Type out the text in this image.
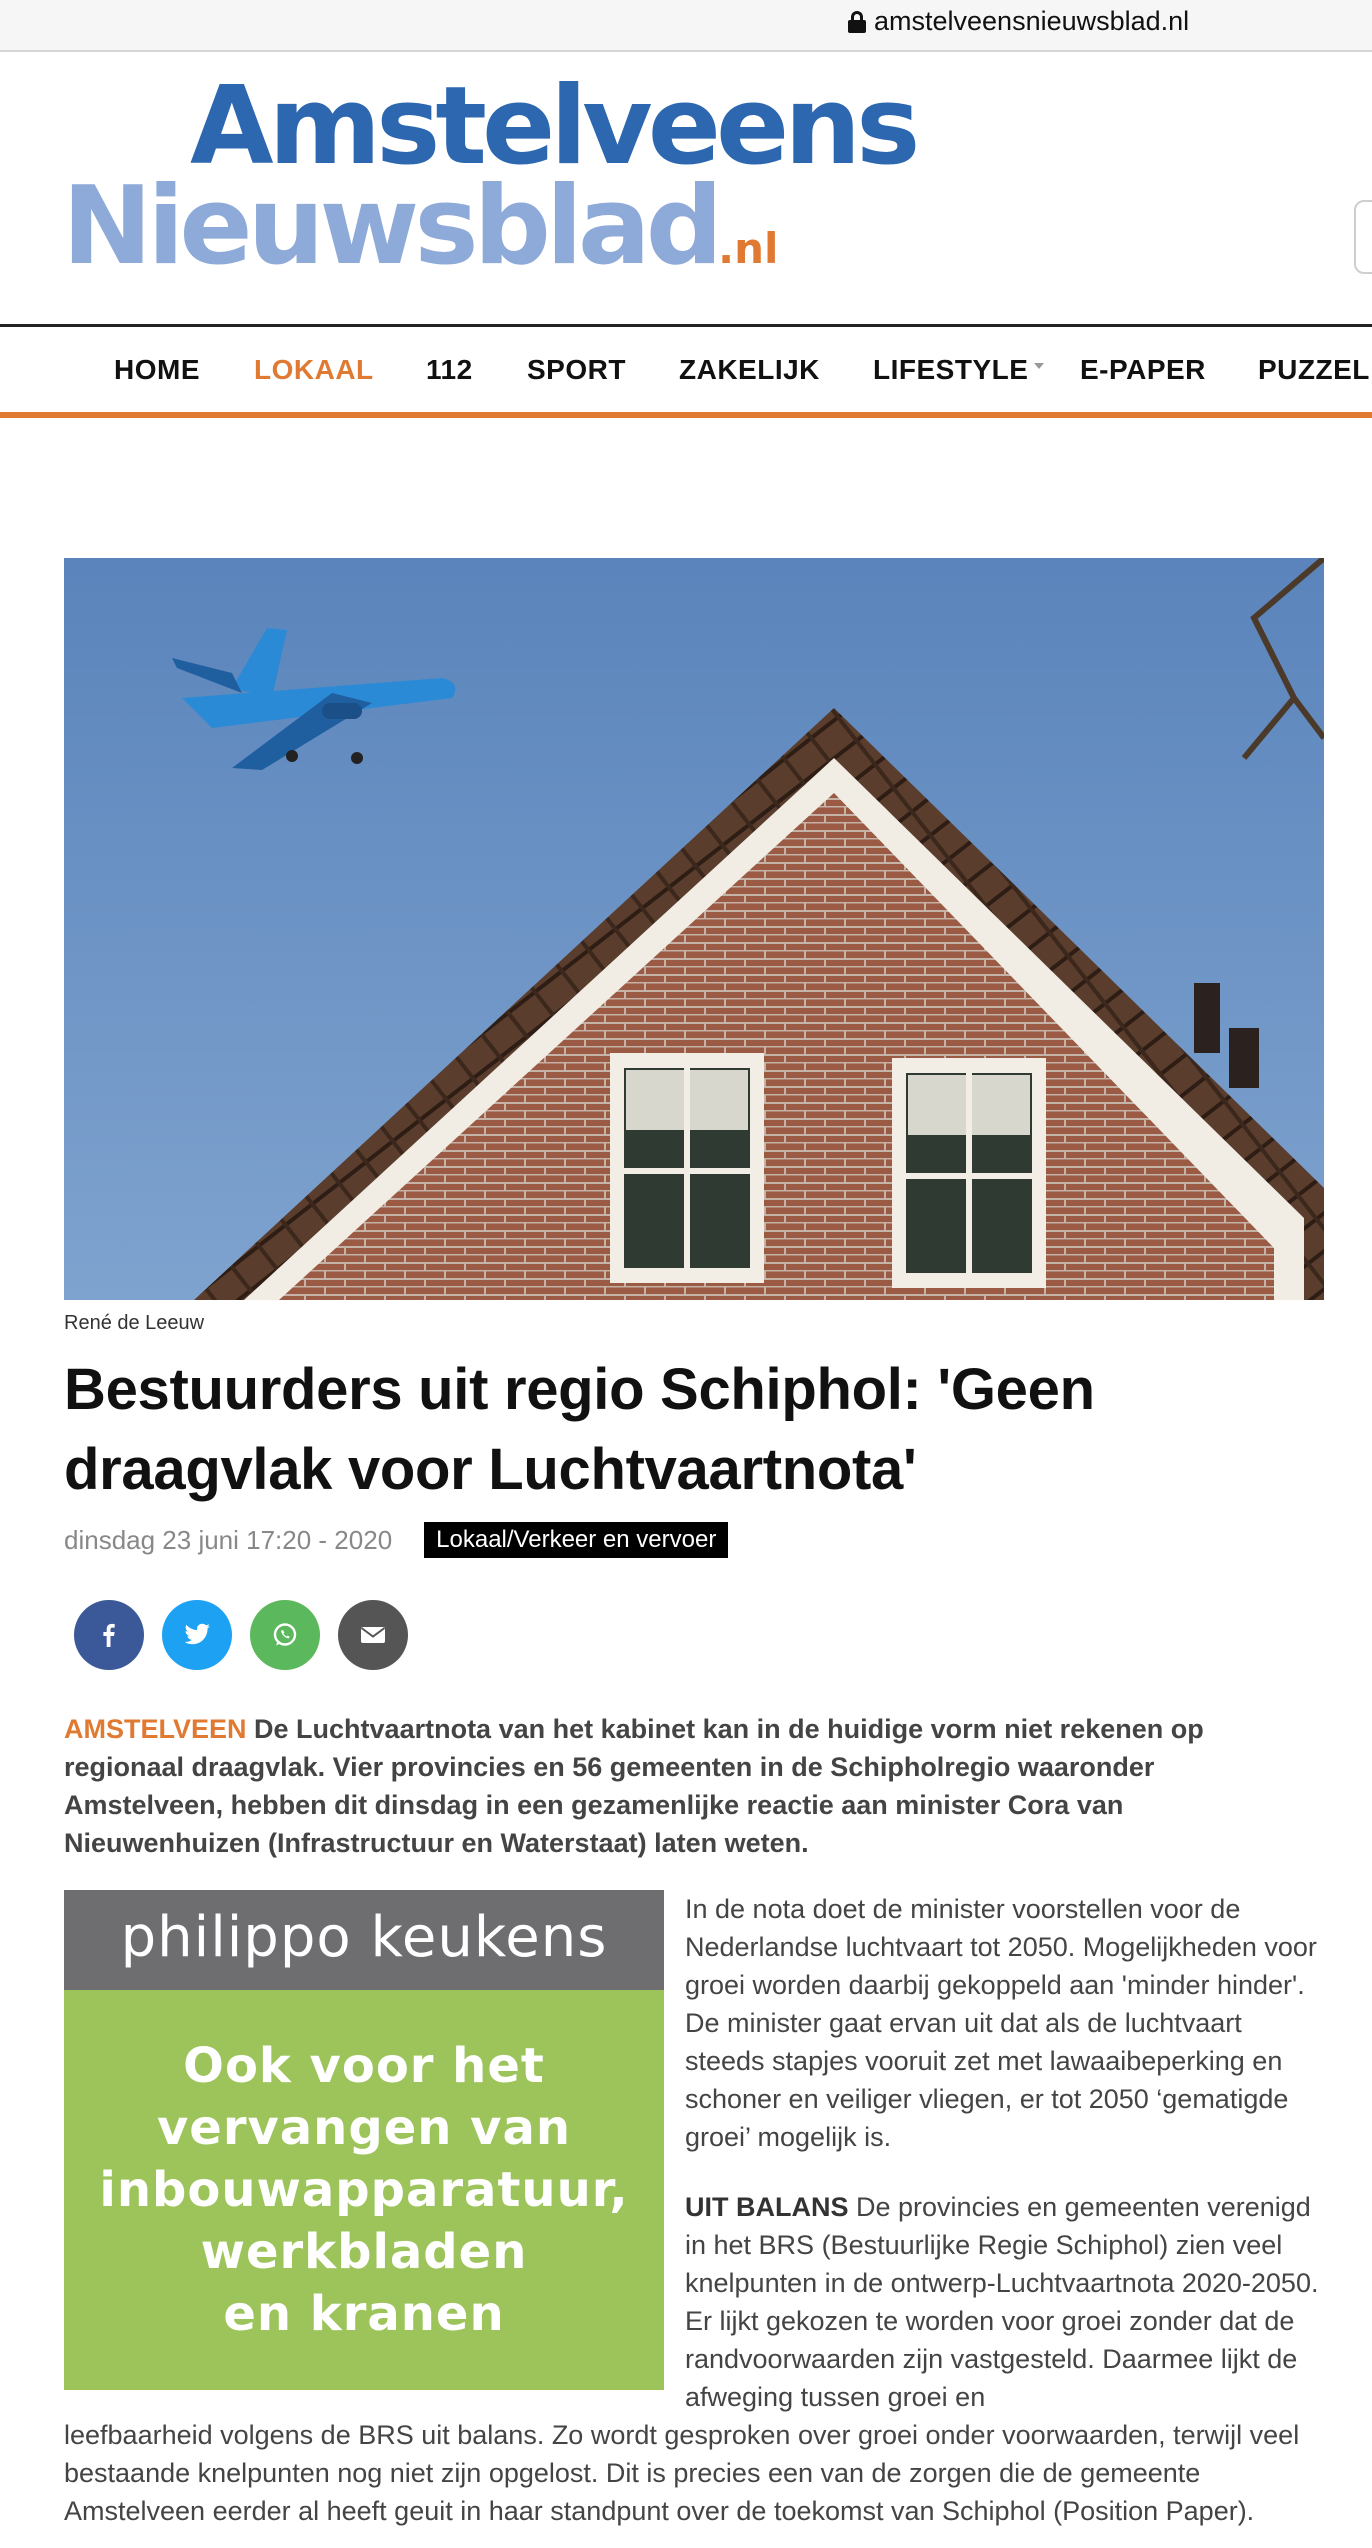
amstelveensnieuwsblad.nl
Amstelveens
Nieuwsblad.nl
HOME LOKAAL 112 SPORT ZAKELIJK LIFESTYLE	E-PAPER PUZZEL
René de Leeuw
Bestuurders uit regio Schiphol: 'Geen draagvlak voor Luchtvaartnota'
dinsdag 23 juni 17:20 - 2020	Lokaal/Verkeer en vervoer

AMSTELVEEN De Luchtvaartnota van het kabinet kan in de huidige vorm niet rekenen op regionaal draagvlak. Vier provincies en 56 gemeenten in de Schipholregio waaronder Amstelveen, hebben dit dinsdag in een gezamenlijke reactie aan minister Cora van Nieuwenhuizen (Infrastructuur en Waterstaat) laten weten.

philippo keukens
Ook voor het
vervangen van
inbouwapparatuur,
werkbladen
en kranen

In de nota doet de minister voorstellen voor de Nederlandse luchtvaart tot 2050. Mogelijkheden voor groei worden daarbij gekoppeld aan 'minder hinder'. De minister gaat ervan uit dat als de luchtvaart steeds stapjes vooruit zet met lawaaibeperking en schoner en veiliger vliegen, er tot 2050 ‘gematigde groei’ mogelijk is.

UIT BALANS De provincies en gemeenten verenigd in het BRS (Bestuurlijke Regie Schiphol) zien veel knelpunten in de ontwerp-Luchtvaartnota 2020-2050. Er lijkt gekozen te worden voor groei zonder dat de randvoorwaarden zijn vastgesteld. Daarmee lijkt de afweging tussen groei en

leefbaarheid volgens de BRS uit balans. Zo wordt gesproken over groei onder voorwaarden, terwijl veel bestaande knelpunten nog niet zijn opgelost. Dit is precies een van de zorgen die de gemeente Amstelveen eerder al heeft geuit in haar standpunt over de toekomst van Schiphol (Position Paper).
